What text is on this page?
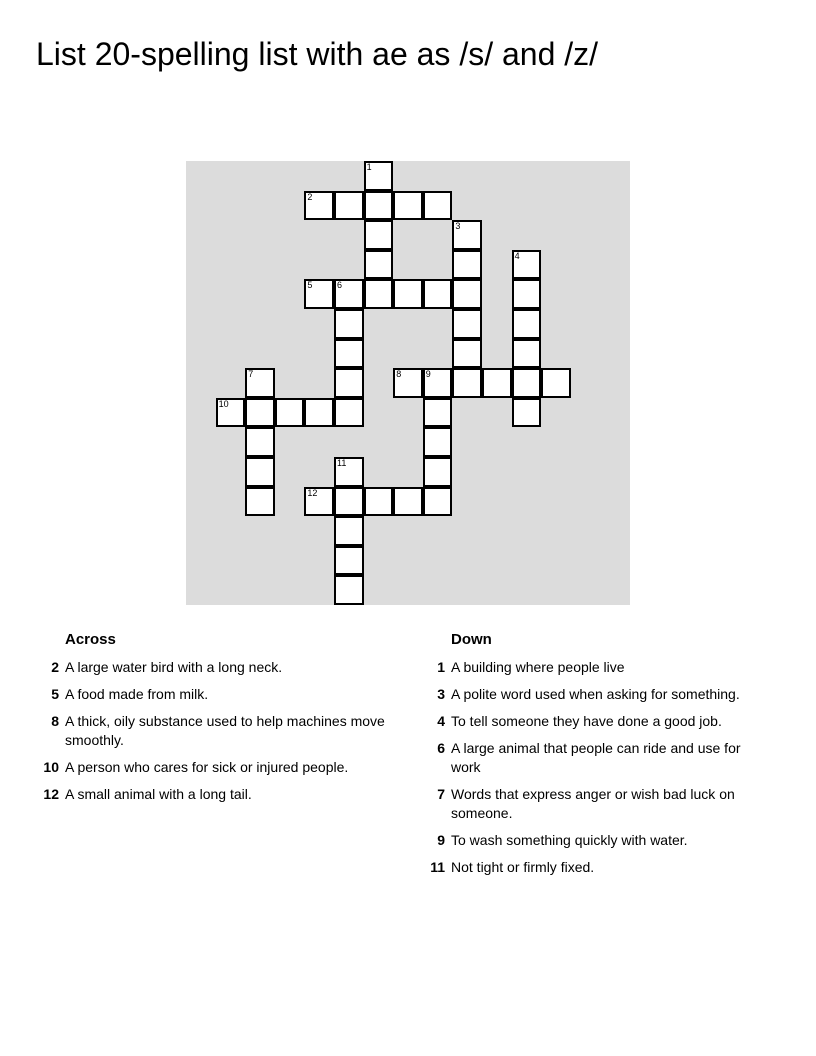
List 20-spelling list with ae as /s/ and /z/
1
2
3
4
5	6
7	8	9
10
11
12
Across
2 A large water bird with a long neck.
5 A food made from milk.
8 A thick, oily substance used to help machines move smoothly.
10 A person who cares for sick or injured people.
12 A small animal with a long tail.
Down
1 A building where people live
3 A polite word used when asking for something.
4 To tell someone they have done a good job.
6 A large animal that people can ride and use for work
7 Words that express anger or wish bad luck on someone.
9 To wash something quickly with water.
11 Not tight or firmly fixed.
